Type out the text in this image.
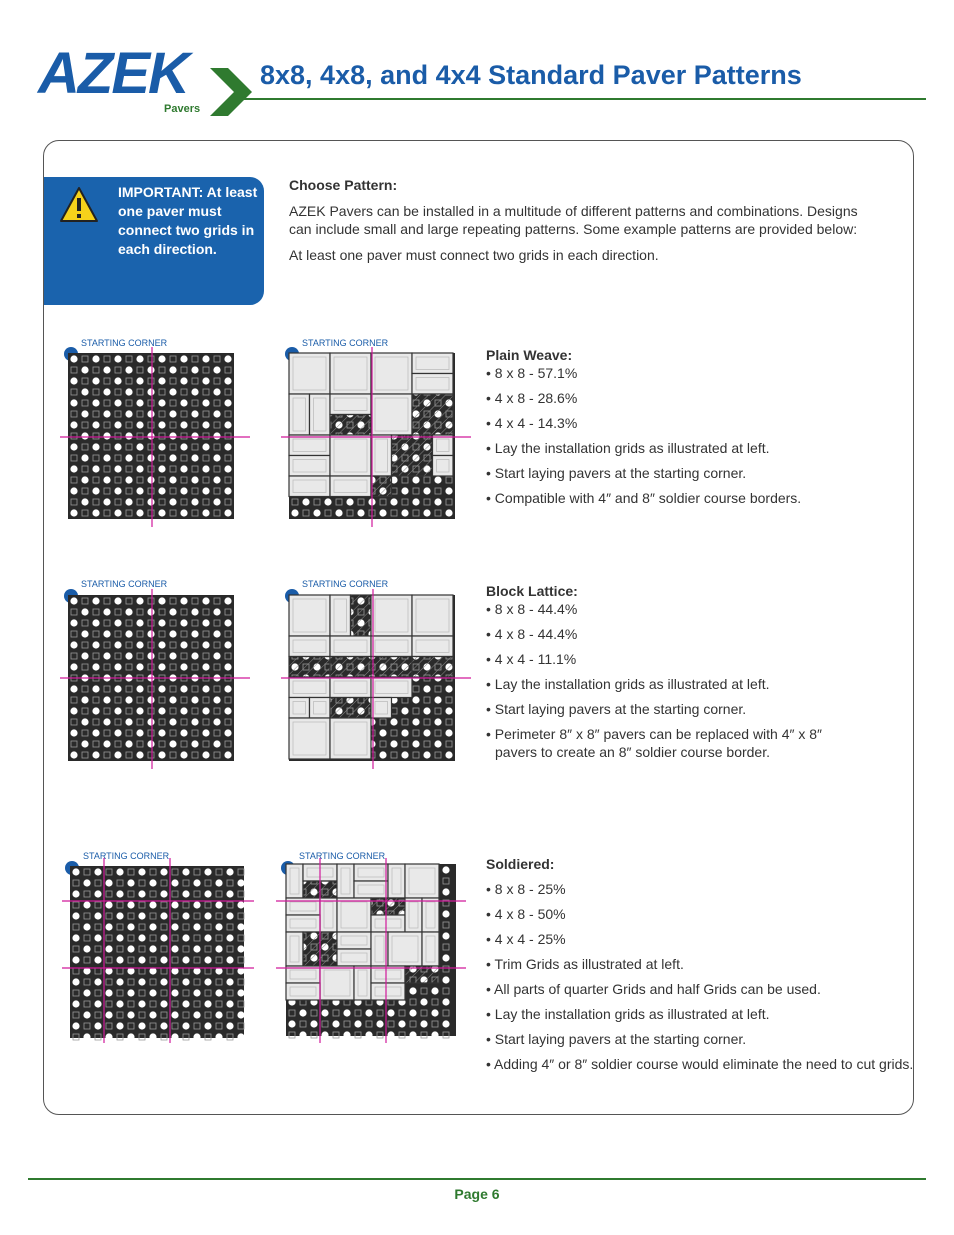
AZEK
Pavers
8x8, 4x8, and 4x4 Standard Paver Patterns
IMPORTANT: At least one paver must connect two grids in each direction.
Choose Pattern:

AZEK Pavers can be installed in a multitude of different patterns and combinations. Designs can include small and large repeating patterns. Some example patterns are provided below:

At least one paver must connect two grids in each direction.

STARTING CORNER	STARTING CORNER
STARTING CORNER	STARTING CORNER
STARTING CORNER	STARTING CORNER
Plain Weave:
• 8 x 8 - 57.1%
• 4 x 8 - 28.6%
• 4 x 4 - 14.3%
• Lay the installation grids as illustrated at left.
• Start laying pavers at the starting corner.
• Compatible with 4″ and 8″ soldier course borders.
Block Lattice:
• 8 x 8 - 44.4%
• 4 x 8 - 44.4%
• 4 x 4 - 11.1%
• Lay the installation grids as illustrated at left.
• Start laying pavers at the starting corner.
• Perimeter 8″ x 8″ pavers can be replaced with 4″ x 8″ pavers to create an 8″ soldier course border.
Soldiered:
• 8 x 8 - 25%
• 4 x 8 - 50%
• 4 x 4 - 25%
• Trim Grids as illustrated at left.
• All parts of quarter Grids and half Grids can be used.
• Lay the installation grids as illustrated at left.
• Start laying pavers at the starting corner.
• Adding 4″ or 8″ soldier course would eliminate the need to cut grids.
Page 6
